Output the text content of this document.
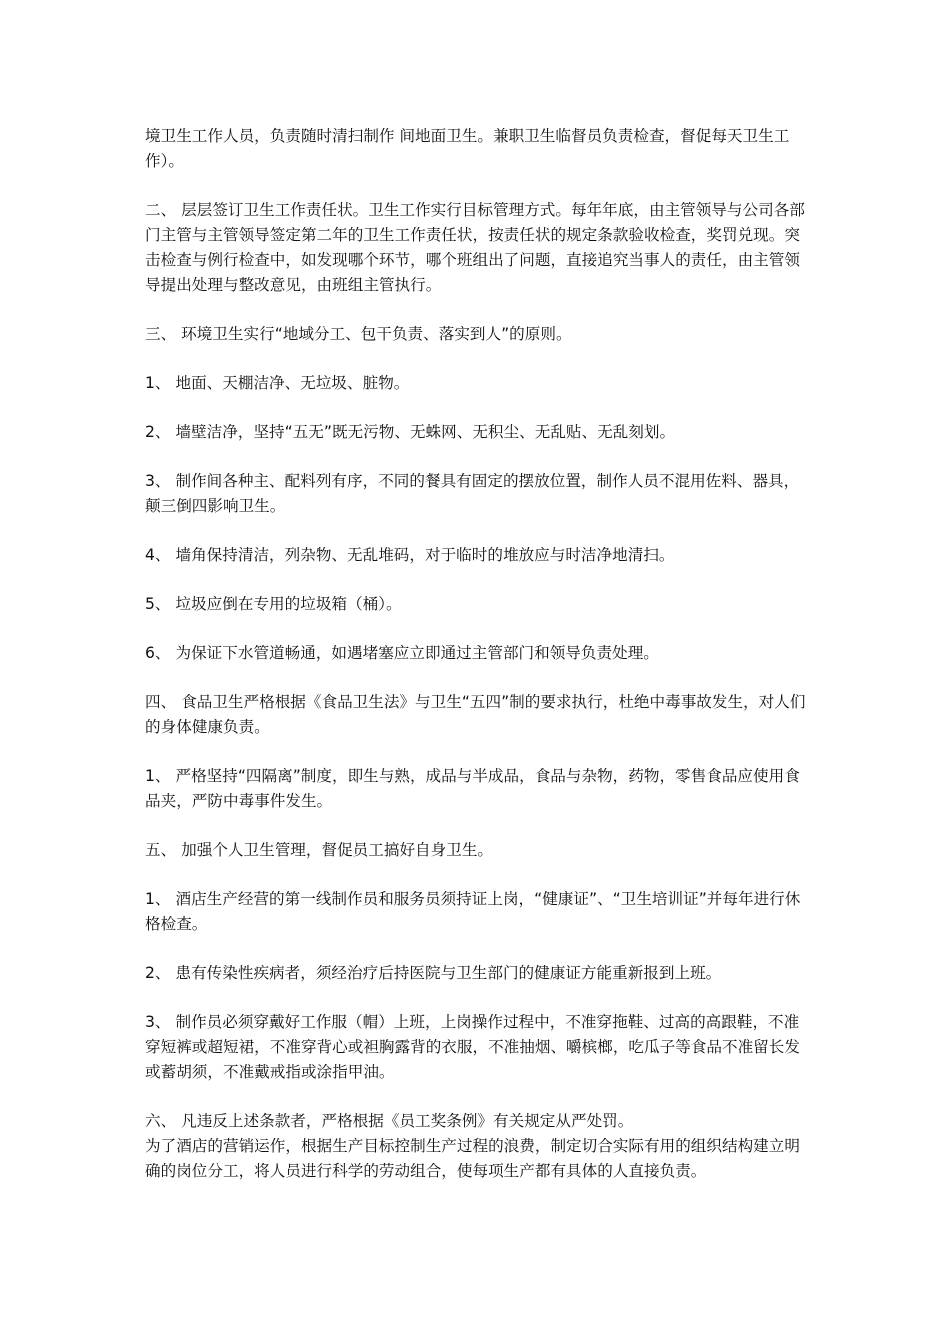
境卫生工作人员，负责随时清扫制作 间地面卫生。兼职卫生临督员负责检查，督促每天卫生工作）。

二、 层层签订卫生工作责任状。卫生工作实行目标管理方式。每年年底，由主管领导与公司各部门主管与主管领导签定第二年的卫生工作责任状，按责任状的规定条款验收检查，奖罚兑现。突击检查与例行检查中，如发现哪个环节，哪个班组出了问题，直接追究当事人的责任，由主管领导提出处理与整改意见，由班组主管执行。

三、 环境卫生实行“地域分工、包干负责、落实到人”的原则。

1、 地面、天棚洁净、无垃圾、脏物。

2、 墙壁洁净，坚持“五无”既无污物、无蛛网、无积尘、无乱贴、无乱刻划。

3、 制作间各种主、配料列有序，不同的餐具有固定的摆放位置，制作人员不混用佐料、器具，颠三倒四影响卫生。

4、 墙角保持清洁，列杂物、无乱堆码，对于临时的堆放应与时洁净地清扫。

5、 垃圾应倒在专用的垃圾箱（桶）。

6、 为保证下水管道畅通，如遇堵塞应立即通过主管部门和领导负责处理。

四、 食品卫生严格根据《食品卫生法》与卫生“五四”制的要求执行，杜绝中毒事故发生，对人们的身体健康负责。

1、 严格坚持“四隔离”制度，即生与熟，成品与半成品，食品与杂物，药物，零售食品应使用食品夹，严防中毒事件发生。

五、 加强个人卫生管理，督促员工搞好自身卫生。

1、 酒店生产经营的第一线制作员和服务员须持证上岗，“健康证”、“卫生培训证”并每年进行休格检查。

2、 患有传染性疾病者，须经治疗后持医院与卫生部门的健康证方能重新报到上班。

3、 制作员必须穿戴好工作服（帽）上班，上岗操作过程中，不准穿拖鞋、过高的高跟鞋，不准穿短裤或超短裙，不准穿背心或袒胸露背的衣服，不准抽烟、嚼槟榔，吃瓜子等食品不准留长发或蓄胡须，不准戴戒指或涂指甲油。

六、 凡违反上述条款者，严格根据《员工奖条例》有关规定从严处罚。

为了酒店的营销运作，根据生产目标控制生产过程的浪费，制定切合实际有用的组织结构建立明确的岗位分工，将人员进行科学的劳动组合，使每项生产都有具体的人直接负责。
